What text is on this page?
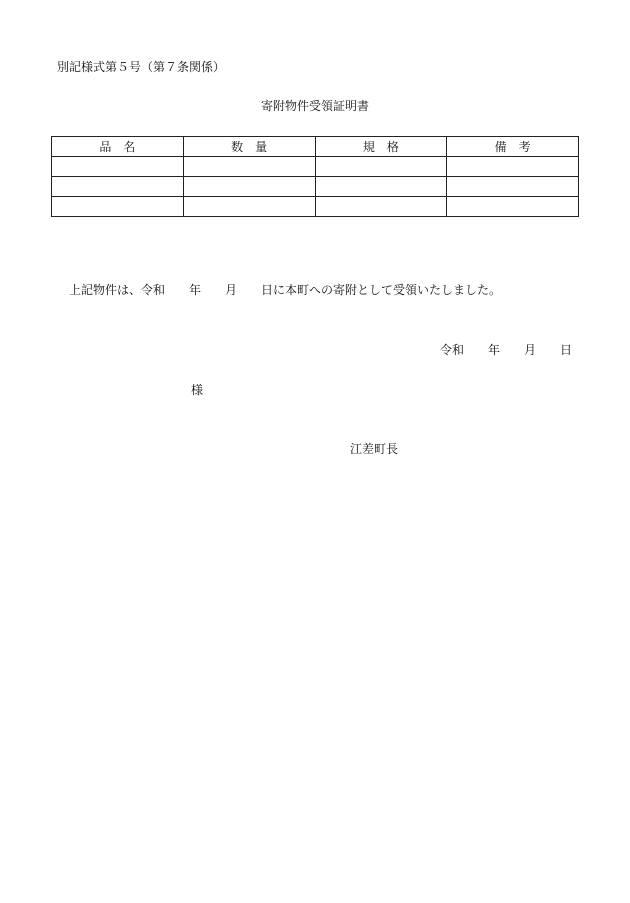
別記様式第５号（第７条関係）
寄附物件受領証明書
品　名	数　量	規　格	備　考

上記物件は、令和　　年　　月　　日に本町への寄附として受領いたしました。
令和　　年　　月　　日
様
江差町長
